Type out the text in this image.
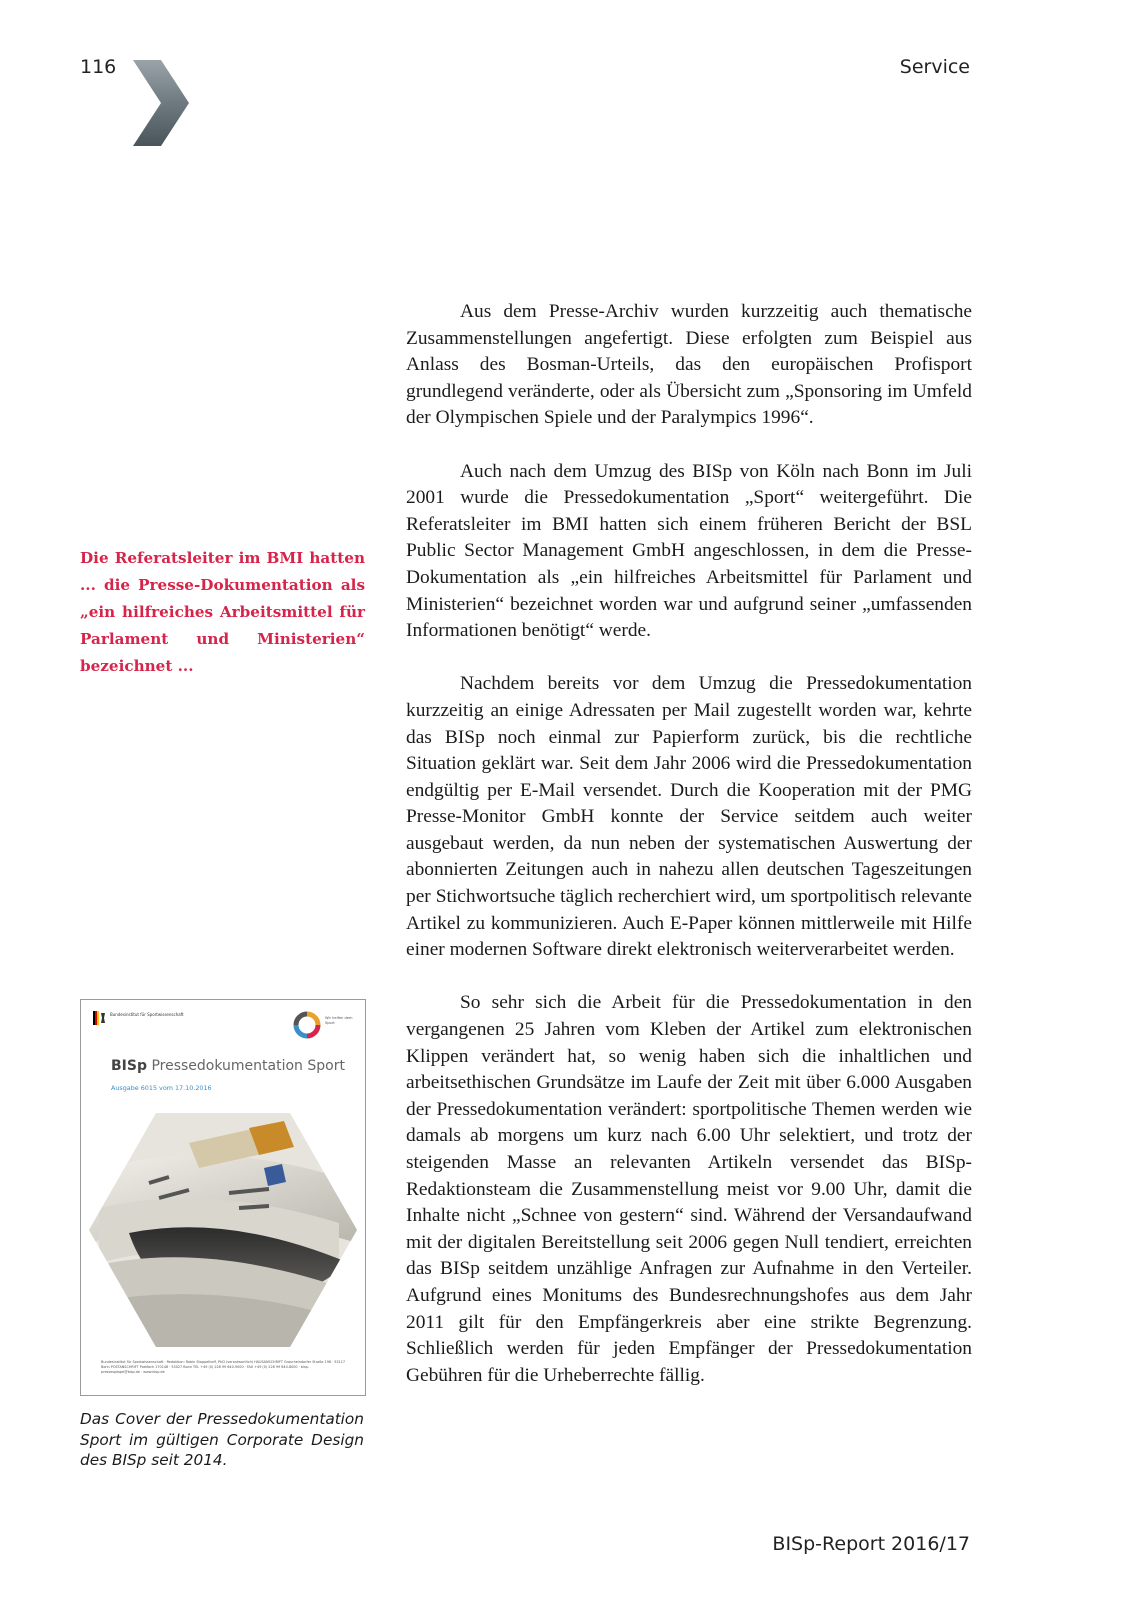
116	Service
Die Referatsleiter im BMI hatten ... die Presse-Dokumentation als „ein hilfreiches Arbeitsmittel für Parlament und Ministerien“ bezeichnet ...

Aus dem Presse-Archiv wurden kurzzeitig auch thematische Zusammenstellungen angefertigt. Diese erfolgten zum Beispiel aus Anlass des Bosman-Urteils, das den europäischen Profisport grundlegend veränderte, oder als Übersicht zum „Sponsoring im Umfeld der Olympischen Spiele und der Paralympics 1996“.

Auch nach dem Umzug des BISp von Köln nach Bonn im Juli 2001 wurde die Pressedokumentation „Sport“ weitergeführt. Die Referatsleiter im BMI hatten sich einem früheren Bericht der BSL Public Sector Management GmbH angeschlossen, in dem die Presse-Dokumentation als „ein hilfreiches Arbeitsmittel für Parlament und Ministerien“ bezeichnet worden war und aufgrund seiner „umfassenden Informationen benötigt“ werde.

Nachdem bereits vor dem Umzug die Pressedokumentation kurzzeitig an einige Adressaten per Mail zugestellt worden war, kehrte das BISp noch einmal zur Papierform zurück, bis die rechtliche Situation geklärt war. Seit dem Jahr 2006 wird die Pressedokumentation endgültig per E-Mail versendet. Durch die Kooperation mit der PMG Presse-Monitor GmbH konnte der Service seitdem auch weiter ausgebaut werden, da nun neben der systematischen Auswertung der abonnierten Zeitungen auch in nahezu allen deutschen Tageszeitungen per Stichwortsuche täglich recherchiert wird, um sportpolitisch relevante Artikel zu kommunizieren. Auch E-Paper können mittlerweile mit Hilfe einer modernen Software direkt elektronisch weiterverarbeitet werden.

So sehr sich die Arbeit für die Pressedokumentation in den vergangenen 25 Jahren vom Kleben der Artikel zum elektronischen Klippen verändert hat, so wenig haben sich die inhaltlichen und arbeitsethischen Grundsätze im Laufe der Zeit mit über 6.000 Ausgaben der Pressedokumentation verändert: sportpolitische Themen werden wie damals ab morgens um kurz nach 6.00 Uhr selektiert, und trotz der steigenden Masse an relevanten Artikeln versendet das BISp-Redaktionsteam die Zusammenstellung meist vor 9.00 Uhr, damit die Inhalte nicht „Schnee von gestern“ sind. Während der Versandaufwand mit der digitalen Bereitstellung seit 2006 gegen Null tendiert, erreichten das BISp seitdem unzählige Anfragen zur Aufnahme in den Verteiler. Aufgrund eines Monitums des Bundesrechnungshofes aus dem Jahr 2011 gilt für den Empfängerkreis aber eine strikte Begrenzung. Schließlich werden für jeden Empfänger der Pressedokumentation Gebühren für die Urheberrechte fällig.

Bundesinstitut für Sportwissenschaft
Wir helfen dem Sport
BISp Pressedokumentation Sport
Ausgabe 6015 vom 17.10.2016
Bundesinstitut für Sportwissenschaft · Redaktion: Robin Stoppelhoff, PhD (verantwortlich) HAUSANSCHRIFT Graurheindorfer Straße 198 · 53117 Bonn POSTANSCHRIFT Postfach 170148 · 53027 Bonn TEL +49 (0) 228 99 640-9000 · FAX +49 (0) 228 99 640-8000 · bisp-pressespiegel@bisp.de · www.bisp.de
Das Cover der Pressedokumentation Sport im gültigen Corporate Design des BISp seit 2014.
BISp-Report 2016/17
